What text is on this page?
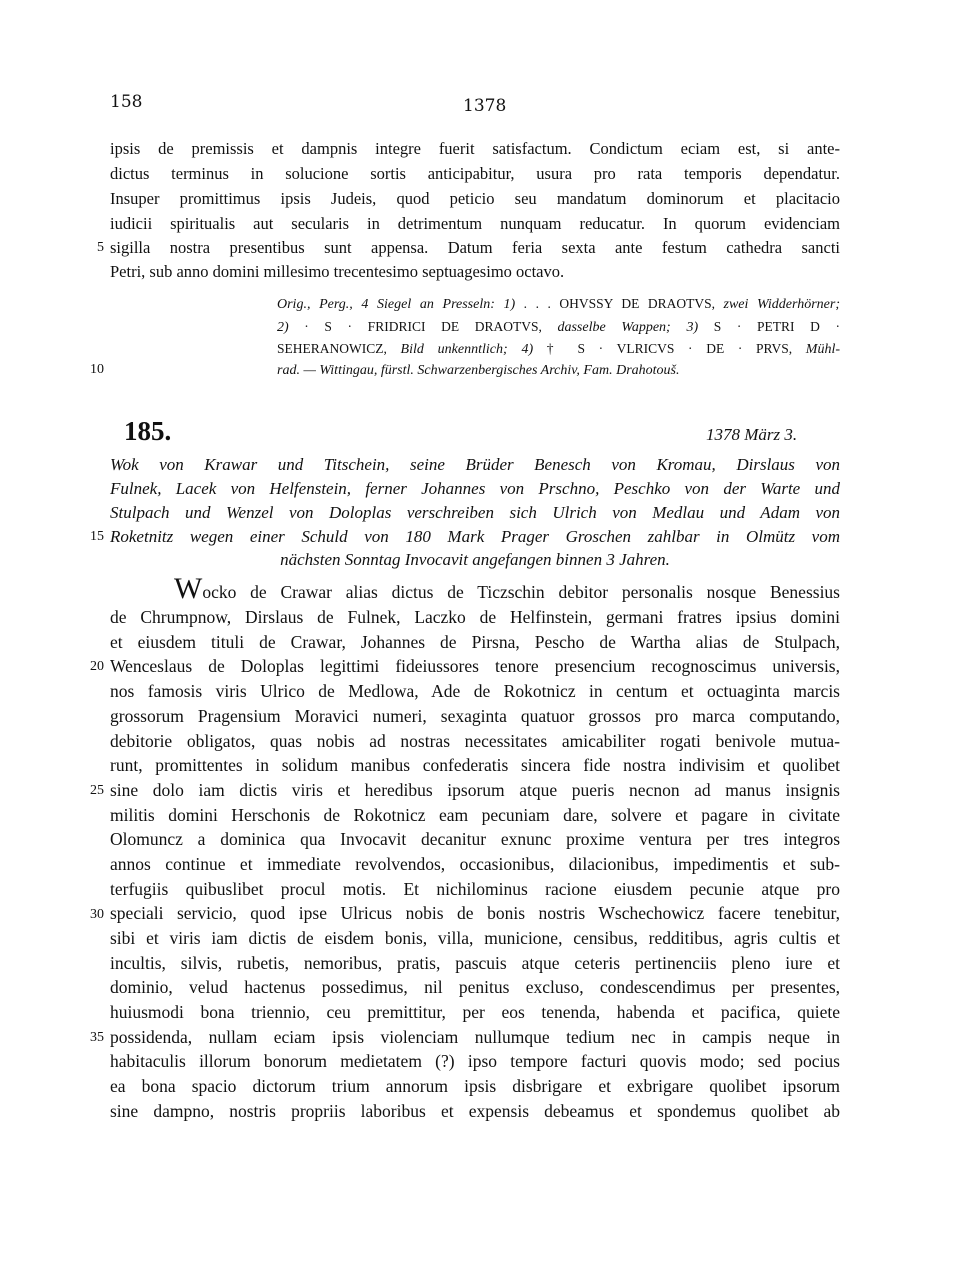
158	1378
ipsis de premissis et dampnis integre fuerit satisfactum. Condictum eciam est, si ante-
dictus terminus in solucione sortis anticipabitur, usura pro rata temporis dependatur.
Insuper promittimus ipsis Judeis, quod peticio seu mandatum dominorum et placitacio
iudicii spiritualis aut secularis in detrimentum nunquam reducatur. In quorum evidenciam
sigilla nostra presentibus sunt appensa. Datum feria sexta ante festum cathedra sancti
Petri, sub anno domini millesimo trecentesimo septuagesimo octavo.
Orig., Perg., 4 Siegel an Presseln: 1) . . . OHVSSY DE DRAOTVS, zwei Widderhörner;
2) · S · FRIDRICI DE DRAOTVS, dasselbe Wappen; 3) S · PETRI D ·
SEHERANOWICZ, Bild unkenntlich; 4) † S · VLRICVS · DE · PRVS, Mühl-
rad. — Wittingau, fürstl. Schwarzenbergisches Archiv, Fam. Drahotouš.
185.	1378 März 3.
Wok von Krawar und Titschein, seine Brüder Benesch von Kromau, Dirslaus von
Fulnek, Lacek von Helfenstein, ferner Johannes von Prschno, Peschko von der Warte und
Stulpach und Wenzel von Doloplas verschreiben sich Ulrich von Medlau und Adam von
Roketnitz wegen einer Schuld von 180 Mark Prager Groschen zahlbar in Olmütz vom
nächsten Sonntag Invocavit angefangen binnen 3 Jahren.
Wocko de Crawar alias dictus de Ticzschin debitor personalis nosque Benessius
de Chrumpnow, Dirslaus de Fulnek, Laczko de Helfinstein, germani fratres ipsius domini
et eiusdem tituli de Crawar, Johannes de Pirsna, Pescho de Wartha alias de Stulpach,
Wenceslaus de Doloplas legittimi fideiussores tenore presencium recognoscimus universis,
nos famosis viris Ulrico de Medlowa, Ade de Rokotnicz in centum et octuaginta marcis
grossorum Pragensium Moravici numeri, sexaginta quatuor grossos pro marca computando,
debitorie obligatos, quas nobis ad nostras necessitates amicabiliter rogati benivole mutua-
runt, promittentes in solidum manibus confederatis sincera fide nostra indivisim et quolibet
sine dolo iam dictis viris et heredibus ipsorum atque pueris necnon ad manus insignis
militis domini Herschonis de Rokotnicz eam pecuniam dare, solvere et pagare in civitate
Olomuncz a dominica qua Invocavit decanitur exnunc proxime ventura per tres integros
annos continue et immediate revolvendos, occasionibus, dilacionibus, impedimentis et sub-
terfugiis quibuslibet procul motis. Et nichilominus racione eiusdem pecunie atque pro
speciali servicio, quod ipse Ulricus nobis de bonis nostris Wschechowicz facere tenebitur,
sibi et viris iam dictis de eisdem bonis, villa, municione, censibus, redditibus, agris cultis et
incultis, silvis, rubetis, nemoribus, pratis, pascuis atque ceteris pertinenciis pleno iure et
dominio, velud hactenus possedimus, nil penitus excluso, condescendimus per presentes,
huiusmodi bona triennio, ceu premittitur, per eos tenenda, habenda et pacifica, quiete
possidenda, nullam eciam ipsis violenciam nullumque tedium nec in campis neque in
habitaculis illorum bonorum medietatem (?) ipso tempore facturi quovis modo; sed pocius
ea bona spacio dictorum trium annorum ipsis disbrigare et exbrigare quolibet ipsorum
sine dampno, nostris propriis laboribus et expensis debeamus et spondemus quolibet ab
5
10
15
20
25
30
35
